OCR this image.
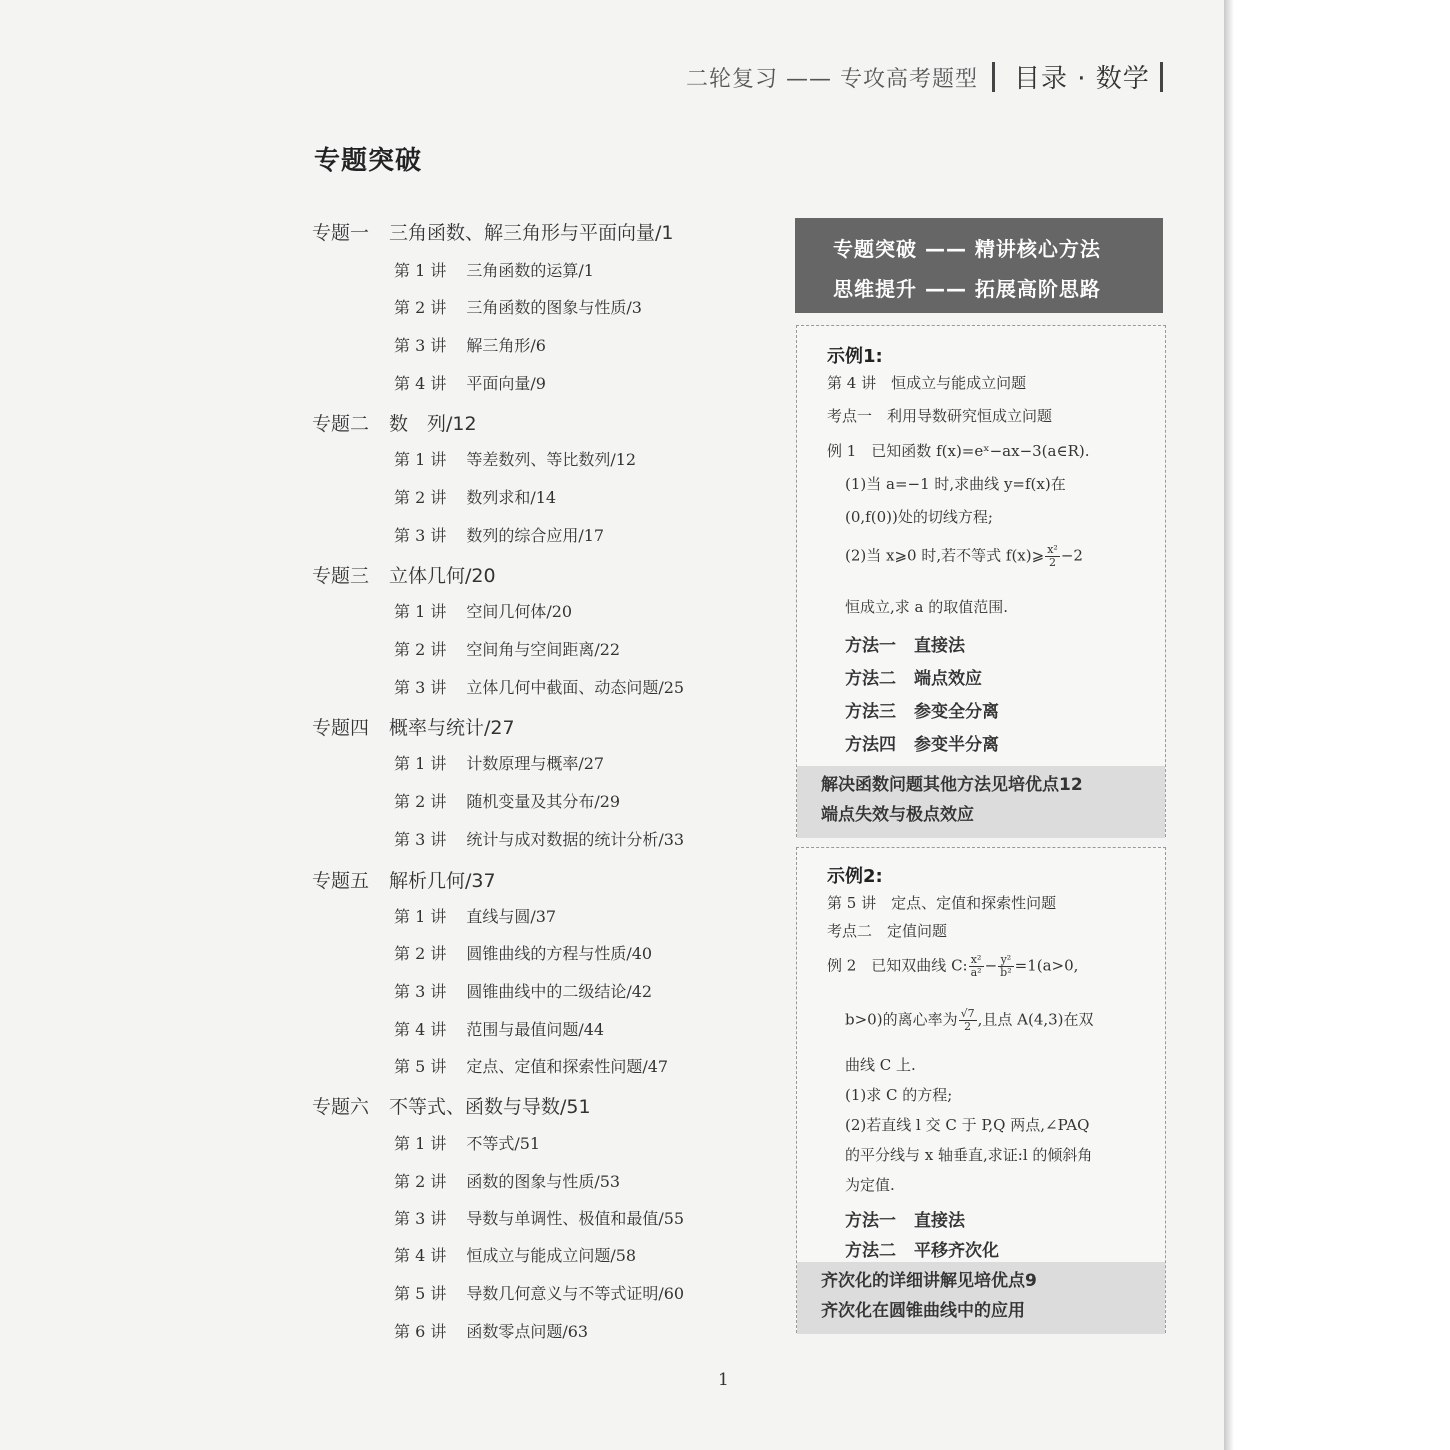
二轮复习 —— 专攻高考题型 目录 · 数学
专题突破
专题一 三角函数、解三角形与平面向量/1
第 1 讲 三角函数的运算/1
第 2 讲 三角函数的图象与性质/3
第 3 讲 解三角形/6
第 4 讲 平面向量/9
专题二 数　列/12
第 1 讲 等差数列、等比数列/12
第 2 讲 数列求和/14
第 3 讲 数列的综合应用/17
专题三 立体几何/20
第 1 讲 空间几何体/20
第 2 讲 空间角与空间距离/22
第 3 讲 立体几何中截面、动态问题/25
专题四 概率与统计/27
第 1 讲 计数原理与概率/27
第 2 讲 随机变量及其分布/29
第 3 讲 统计与成对数据的统计分析/33
专题五 解析几何/37
第 1 讲 直线与圆/37
第 2 讲 圆锥曲线的方程与性质/40
第 3 讲 圆锥曲线中的二级结论/42
第 4 讲 范围与最值问题/44
第 5 讲 定点、定值和探索性问题/47
专题六 不等式、函数与导数/51
第 1 讲 不等式/51
第 2 讲 函数的图象与性质/53
第 3 讲 导数与单调性、极值和最值/55
第 4 讲 恒成立与能成立问题/58
第 5 讲 导数几何意义与不等式证明/60
第 6 讲 函数零点问题/63
专题突破 —— 精讲核心方法
思维提升 —— 拓展高阶思路
示例1:
第 4 讲　恒成立与能成立问题
考点一　利用导数研究恒成立问题
例 1　已知函数 f(x)=eˣ−ax−3(a∈R).
(1)当 a=−1 时,求曲线 y=f(x)在
(0,f(0))处的切线方程;
(2)当 x⩾0 时,若不等式 f(x)⩾ $\frac{\text{x²}}{2} -2$
恒成立,求 a 的取值范围.
方法一 直接法
方法二 端点效应
方法三 参变全分离
方法四 参变半分离
解决函数问题其他方法见培优点12
端点失效与极点效应
示例2:
第 5 讲　定点、定值和探索性问题
考点二　定值问题
例 2　已知双曲线 C: $\frac{\text{x²}}{\text{a²}} - \frac{\text{y²}}{\text{b²}} =1(a>0$,
b>0)的离心率为 $\frac{√7}{2}$ ,且点 A(4,3)在双
曲线 C 上.
(1)求 C 的方程;
(2)若直线 l 交 C 于 P,Q 两点,∠PAQ
的平分线与 x 轴垂直,求证:l 的倾斜角
为定值.
方法一 直接法
方法二 平移齐次化
齐次化的详细讲解见培优点9
齐次化在圆锥曲线中的应用
1
